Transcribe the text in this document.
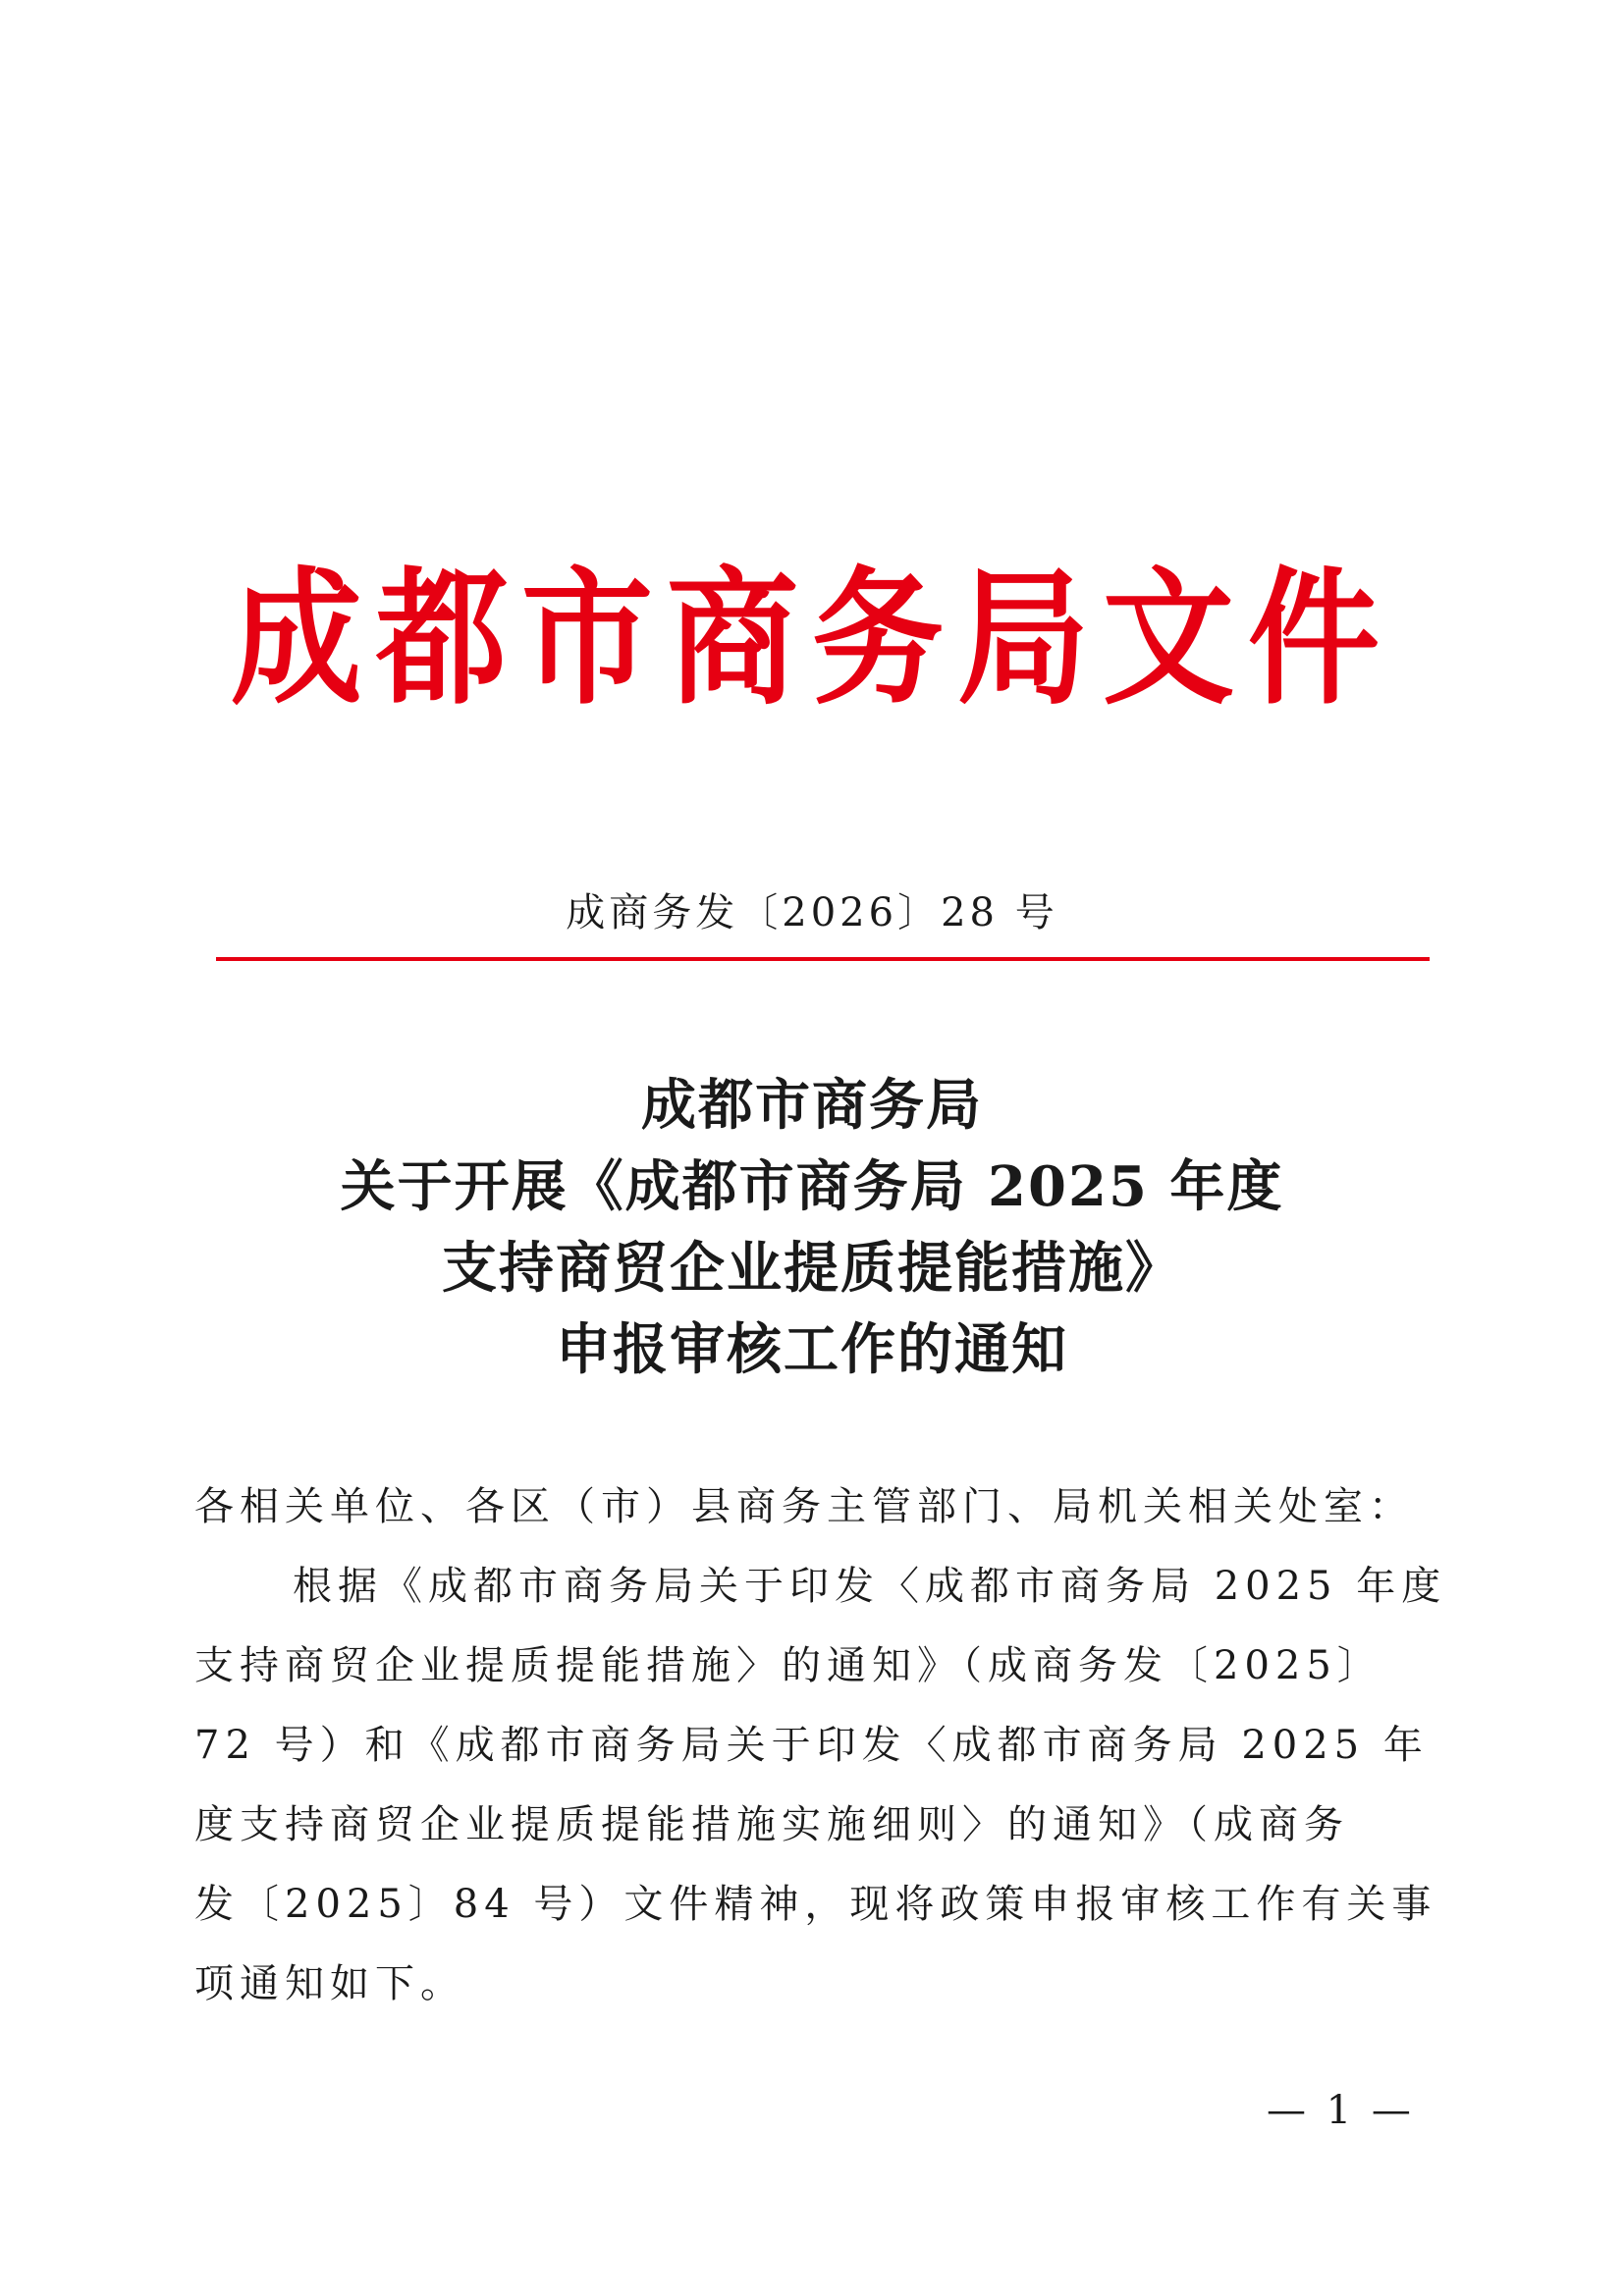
成都市商务局文件
成商务发〔2026〕28 号
成都市商务局
关于开展《成都市商务局 2025 年度
支持商贸企业提质提能措施》
申报审核工作的通知
各相关单位、各区（市）县商务主管部门、局机关相关处室：
根据《成都市商务局关于印发〈成都市商务局 2025 年度
支持商贸企业提质提能措施〉的通知》（成商务发〔2025〕
72 号）和《成都市商务局关于印发〈成都市商务局 2025 年
度支持商贸企业提质提能措施实施细则〉的通知》（成商务
发〔2025〕84 号）文件精神，现将政策申报审核工作有关事
项通知如下。
— 1 —
